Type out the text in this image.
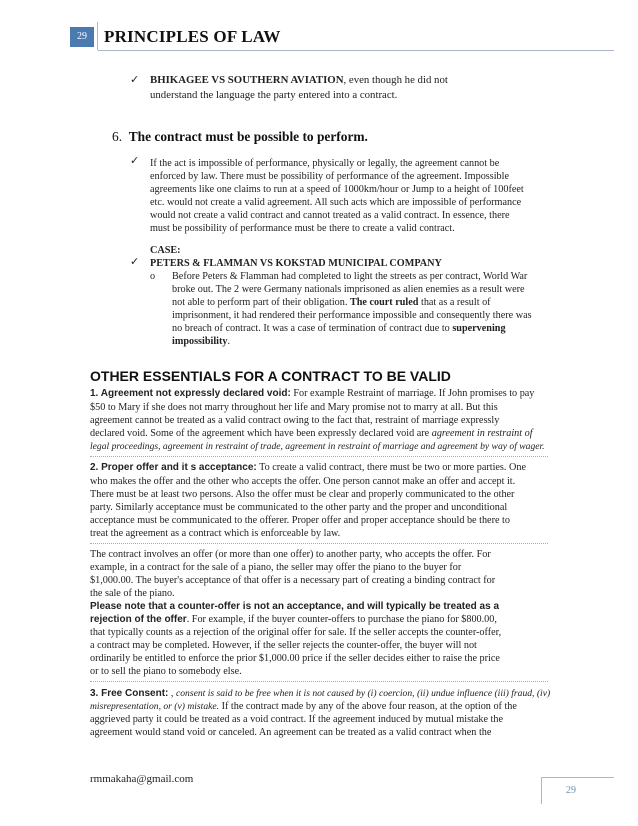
29	PRINCIPLES OF LAW
✓ BHIKAGEE VS SOUTHERN AVIATION, even though he did not
understand the language the party entered into a contract.
6. The contract must be possible to perform.
✓ If the act is impossible of performance, physically or legally, the agreement cannot be
enforced by law. There must be possibility of performance of the agreement. Impossible
agreements like one claims to run at a speed of 1000km/hour or Jump to a height of 100feet
etc. would not create a valid agreement. All such acts which are impossible of performance
would not create a valid contract and cannot treated as a valid contract. In essence, there
must be possibility of performance must be there to create a valid contract.
CASE:
✓ PETERS & FLAMMAN VS KOKSTAD MUNICIPAL COMPANY
o Before Peters & Flamman had completed to light the streets as per contract, World War
broke out. The 2 were Germany nationals imprisoned as alien enemies as a result were
not able to perform part of their obligation. The court ruled that as a result of
imprisonment, it had rendered their performance impossible and consequently there was
no breach of contract. It was a case of termination of contract due to supervening
impossibility.
OTHER ESSENTIALS FOR A CONTRACT TO BE VALID
1. Agreement not expressly declared void: For example Restraint of marriage. If John promises to pay
$50 to Mary if she does not marry throughout her life and Mary promise not to marry at all. But this
agreement cannot be treated as a valid contract owing to the fact that, restraint of marriage expressly
declared void. Some of the agreement which have been expressly declared void are agreement in restraint of
legal proceedings, agreement in restraint of trade, agreement in restraint of marriage and agreement by way of wager.
2. Proper offer and it s acceptance: To create a valid contract, there must be two or more parties. One
who makes the offer and the other who accepts the offer. One person cannot make an offer and accept it.
There must be at least two persons. Also the offer must be clear and properly communicated to the other
party. Similarly acceptance must be communicated to the other party and the proper and unconditional
acceptance must be communicated to the offerer. Proper offer and proper acceptance should be there to
treat the agreement as a contract which is enforceable by law.
The contract involves an offer (or more than one offer) to another party, who accepts the offer. For
example, in a contract for the sale of a piano, the seller may offer the piano to the buyer for
$1,000.00. The buyer's acceptance of that offer is a necessary part of creating a binding contract for
the sale of the piano.
Please note that a counter-offer is not an acceptance, and will typically be treated as a
rejection of the offer. For example, if the buyer counter-offers to purchase the piano for $800.00,
that typically counts as a rejection of the original offer for sale. If the seller accepts the counter-offer,
a contract may be completed. However, if the seller rejects the counter-offer, the buyer will not
ordinarily be entitled to enforce the prior $1,000.00 price if the seller decides either to raise the price
or to sell the piano to somebody else.
3. Free Consent: , consent is said to be free when it is not caused by (i) coercion, (ii) undue influence (iii) fraud, (iv)
misrepresentation, or (v) mistake. If the contract made by any of the above four reason, at the option of the
aggrieved party it could be treated as a void contract. If the agreement induced by mutual mistake the
agreement would stand void or canceled. An agreement can be treated as a valid contract when the
rmmakaha@gmail.com
29
